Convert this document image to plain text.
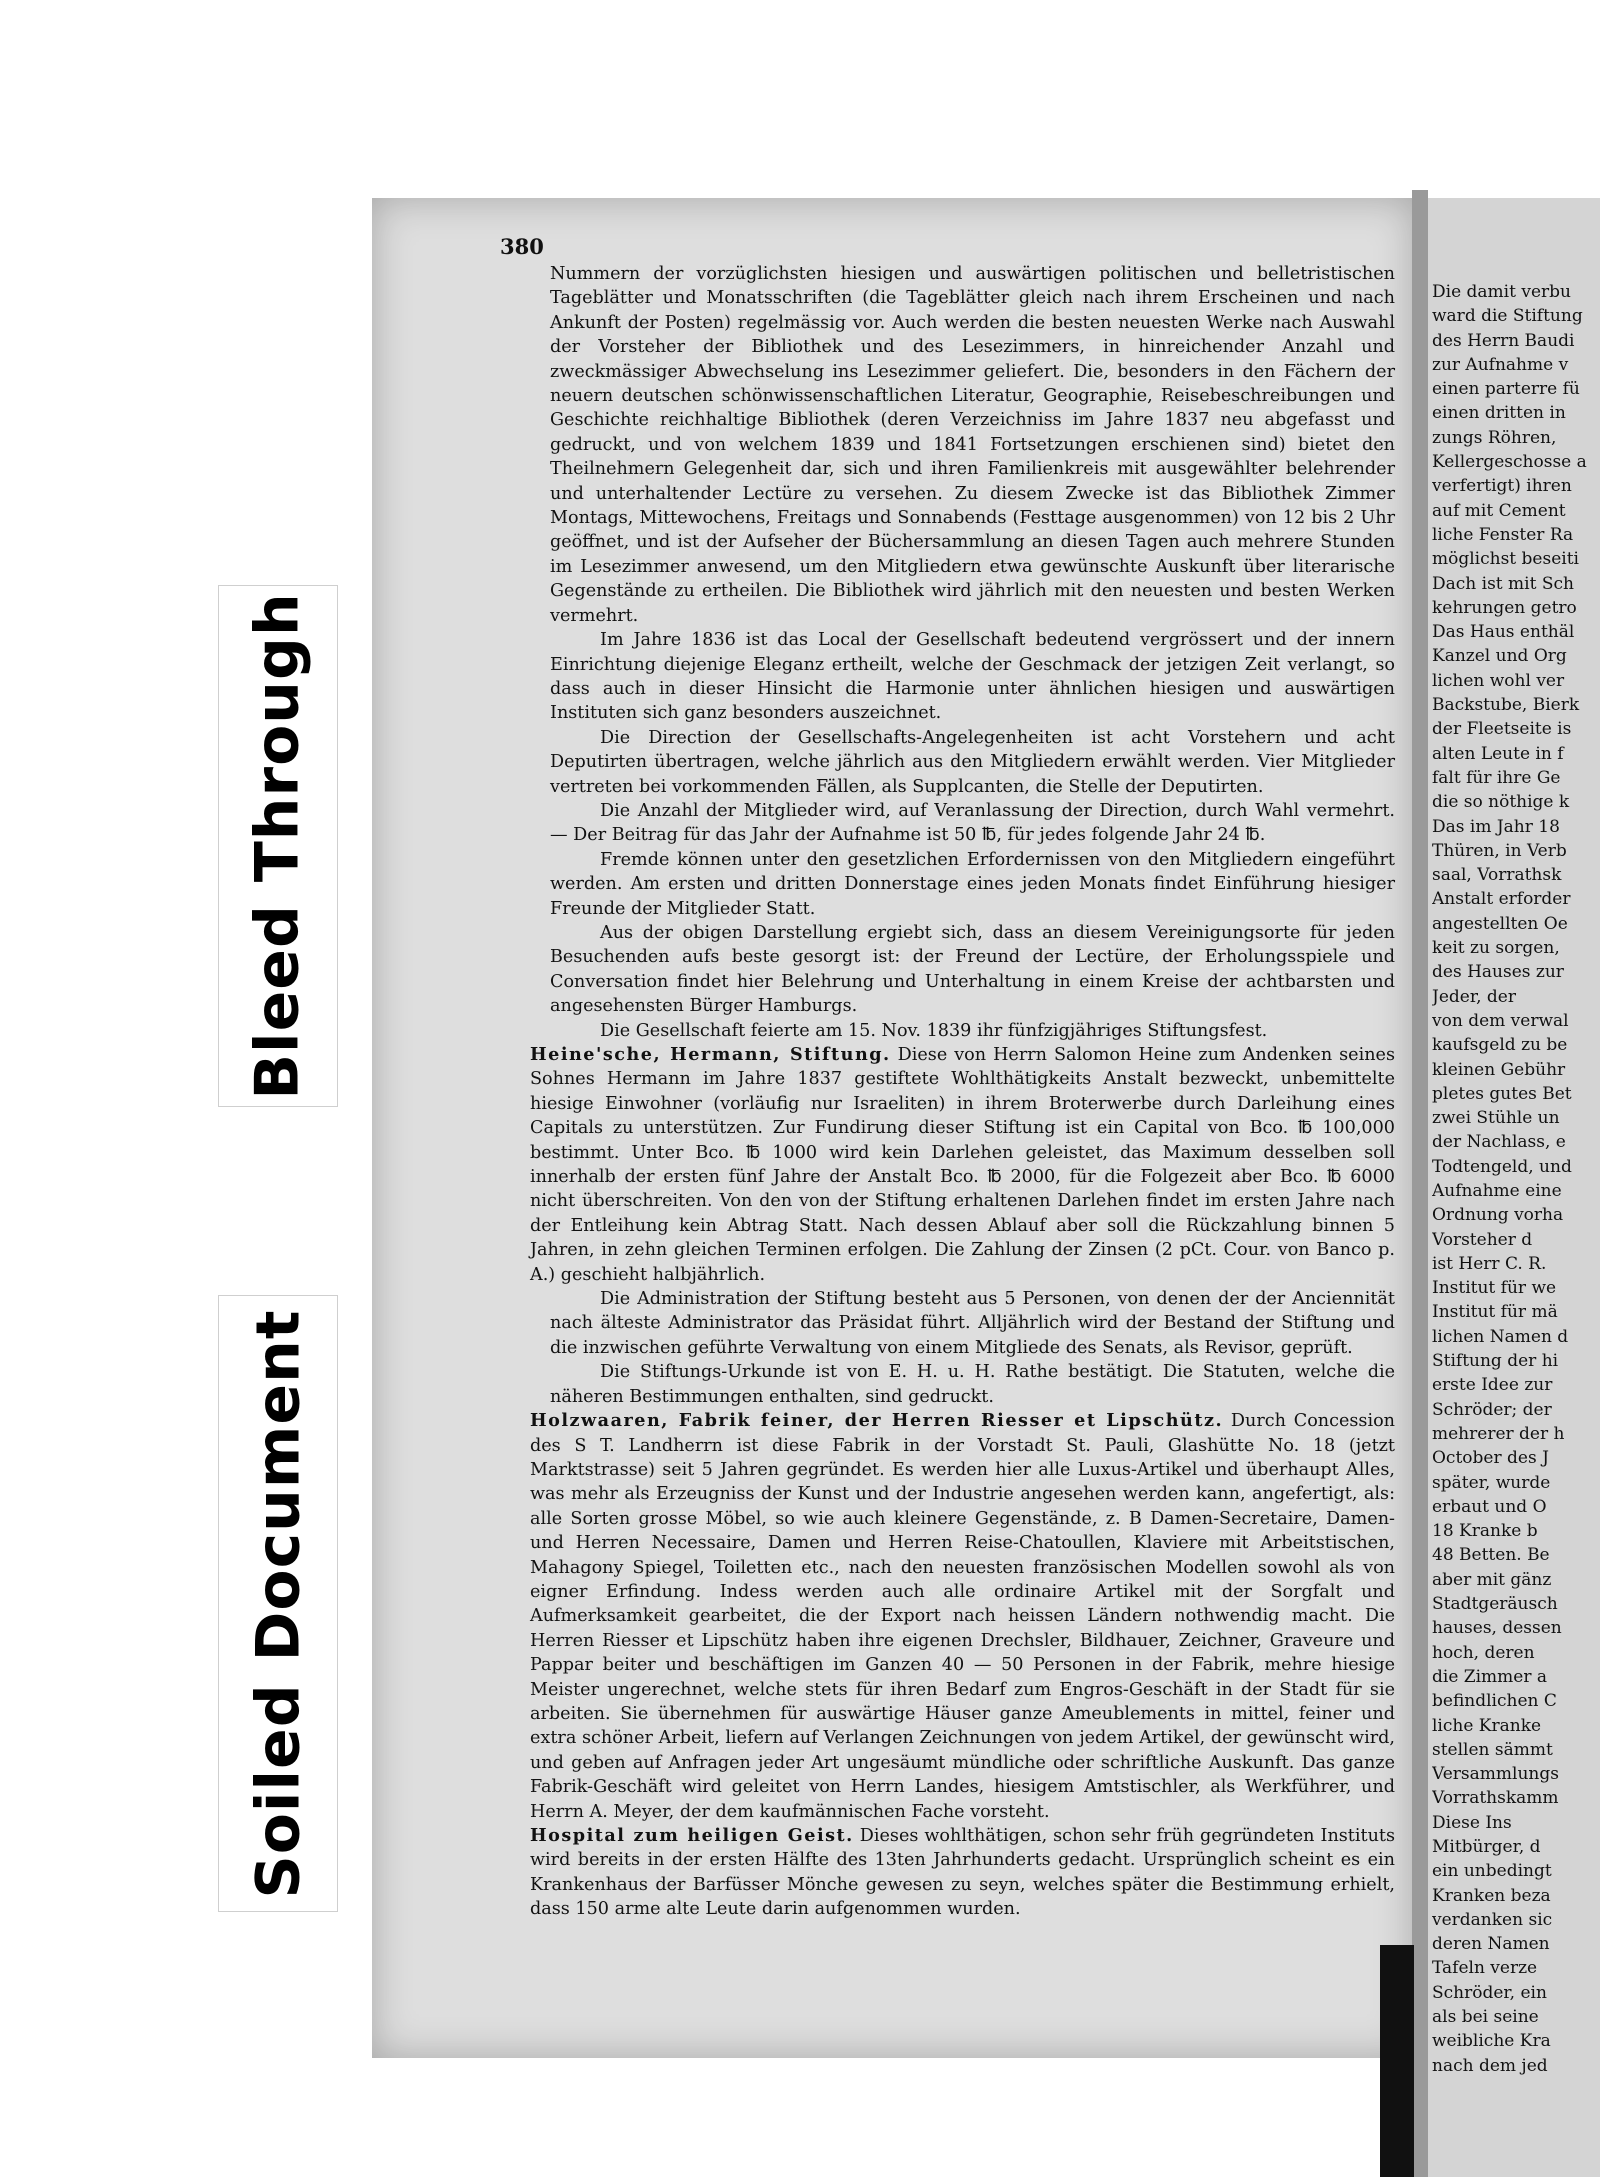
Bleed Through
Soiled Document
380

Nummern der vorzüglichsten hiesigen und auswärtigen politischen und belletristischen Tageblätter und Monatsschriften (die Tageblätter gleich nach ihrem Erscheinen und nach Ankunft der Posten) regelmässig vor. Auch werden die besten neuesten Werke nach Auswahl der Vorsteher der Bibliothek und des Lesezimmers, in hinreichender Anzahl und zweckmässiger Abwechselung ins Lesezimmer geliefert. Die, besonders in den Fächern der neuern deutschen schönwissenschaftlichen Literatur, Geographie, Reisebeschreibungen und Geschichte reichhaltige Bibliothek (deren Verzeichniss im Jahre 1837 neu abgefasst und gedruckt, und von welchem 1839 und 1841 Fortsetzungen erschienen sind) bietet den Theilnehmern Gelegenheit dar, sich und ihren Familienkreis mit ausgewählter belehrender und unterhaltender Lectüre zu versehen. Zu diesem Zwecke ist das Bibliothek Zimmer Montags, Mittewochens, Freitags und Sonnabends (Festtage ausgenommen) von 12 bis 2 Uhr geöffnet, und ist der Aufseher der Büchersammlung an diesen Tagen auch mehrere Stunden im Lesezimmer anwesend, um den Mitgliedern etwa gewünschte Auskunft über literarische Gegenstände zu ertheilen. Die Bibliothek wird jährlich mit den neuesten und besten Werken vermehrt.

Im Jahre 1836 ist das Local der Gesellschaft bedeutend vergrössert und der innern Einrichtung diejenige Eleganz ertheilt, welche der Geschmack der jetzigen Zeit verlangt, so dass auch in dieser Hinsicht die Harmonie unter ähnlichen hiesigen und auswärtigen Instituten sich ganz besonders auszeichnet.

Die Direction der Gesellschafts-Angelegenheiten ist acht Vorstehern und acht Deputirten übertragen, welche jährlich aus den Mitgliedern erwählt werden. Vier Mitglieder vertreten bei vorkommenden Fällen, als Supplcanten, die Stelle der Deputirten.

Die Anzahl der Mitglieder wird, auf Veranlassung der Direction, durch Wahl vermehrt. — Der Beitrag für das Jahr der Aufnahme ist 50 ℔, für jedes folgende Jahr 24 ℔.

Fremde können unter den gesetzlichen Erfordernissen von den Mitgliedern eingeführt werden. Am ersten und dritten Donnerstage eines jeden Monats findet Einführung hiesiger Freunde der Mitglieder Statt.

Aus der obigen Darstellung ergiebt sich, dass an diesem Vereinigungsorte für jeden Besuchenden aufs beste gesorgt ist: der Freund der Lectüre, der Erholungsspiele und Conversation findet hier Belehrung und Unterhaltung in einem Kreise der achtbarsten und angesehensten Bürger Hamburgs.

Die Gesellschaft feierte am 15. Nov. 1839 ihr fünfzigjähriges Stiftungsfest.

Heine'sche, Hermann, Stiftung. Diese von Herrn Salomon Heine zum Andenken seines Sohnes Hermann im Jahre 1837 gestiftete Wohlthätigkeits Anstalt bezweckt, unbemittelte hiesige Einwohner (vorläufig nur Israeliten) in ihrem Broterwerbe durch Darleihung eines Capitals zu unterstützen. Zur Fundirung dieser Stiftung ist ein Capital von Bco. ℔ 100,000 bestimmt. Unter Bco. ℔ 1000 wird kein Darlehen geleistet, das Maximum desselben soll innerhalb der ersten fünf Jahre der Anstalt Bco. ℔ 2000, für die Folgezeit aber Bco. ℔ 6000 nicht überschreiten. Von den von der Stiftung erhaltenen Darlehen findet im ersten Jahre nach der Entleihung kein Abtrag Statt. Nach dessen Ablauf aber soll die Rückzahlung binnen 5 Jahren, in zehn gleichen Terminen erfolgen. Die Zahlung der Zinsen (2 pCt. Cour. von Banco p. A.) geschieht halbjährlich.

Die Administration der Stiftung besteht aus 5 Personen, von denen der der Anciennität nach älteste Administrator das Präsidat führt. Alljährlich wird der Bestand der Stiftung und die inzwischen geführte Verwaltung von einem Mitgliede des Senats, als Revisor, geprüft.

Die Stiftungs-Urkunde ist von E. H. u. H. Rathe bestätigt. Die Statuten, welche die näheren Bestimmungen enthalten, sind gedruckt.

Holzwaaren, Fabrik feiner, der Herren Riesser et Lipschütz. Durch Concession des S T. Landherrn ist diese Fabrik in der Vorstadt St. Pauli, Glashütte No. 18 (jetzt Marktstrasse) seit 5 Jahren gegründet. Es werden hier alle Luxus-Artikel und überhaupt Alles, was mehr als Erzeugniss der Kunst und der Industrie angesehen werden kann, angefertigt, als: alle Sorten grosse Möbel, so wie auch kleinere Gegenstände, z. B Damen-Secretaire, Damen- und Herren Necessaire, Damen und Herren Reise-Chatoullen, Klaviere mit Arbeitstischen, Mahagony Spiegel, Toiletten etc., nach den neuesten französischen Modellen sowohl als von eigner Erfindung. Indess werden auch alle ordinaire Artikel mit der Sorgfalt und Aufmerksamkeit gearbeitet, die der Export nach heissen Ländern nothwendig macht. Die Herren Riesser et Lipschütz haben ihre eigenen Drechsler, Bildhauer, Zeichner, Graveure und Pappar beiter und beschäftigen im Ganzen 40 — 50 Personen in der Fabrik, mehre hiesige Meister ungerechnet, welche stets für ihren Bedarf zum Engros-Geschäft in der Stadt für sie arbeiten. Sie übernehmen für auswärtige Häuser ganze Ameublements in mittel, feiner und extra schöner Arbeit, liefern auf Verlangen Zeichnungen von jedem Artikel, der gewünscht wird, und geben auf Anfragen jeder Art ungesäumt mündliche oder schriftliche Auskunft. Das ganze Fabrik-Geschäft wird geleitet von Herrn Landes, hiesigem Amtstischler, als Werkführer, und Herrn A. Meyer, der dem kaufmännischen Fache vorsteht.

Hospital zum heiligen Geist. Dieses wohlthätigen, schon sehr früh gegründeten Instituts wird bereits in der ersten Hälfte des 13ten Jahrhunderts gedacht. Ursprünglich scheint es ein Krankenhaus der Barfüsser Mönche gewesen zu seyn, welches später die Bestimmung erhielt, dass 150 arme alte Leute darin aufgenommen wurden.

Die damit verbu
ward die Stiftung
des Herrn Baudi
zur Aufnahme v
einen parterre fü
einen dritten in
zungs Röhren,
Kellergeschosse a
verfertigt) ihren
auf mit Cement
liche Fenster Ra
möglichst beseiti
Dach ist mit Sch
kehrungen getro
Das Haus enthäl
Kanzel und Org
lichen wohl ver
Backstube, Bierk
der Fleetseite is
alten Leute in f
falt für ihre Ge
die so nöthige k
Das im Jahr 18
Thüren, in Verb
saal, Vorrathsk
Anstalt erforder
angestellten Oe
keit zu sorgen,
des Hauses zur
Jeder, der
von dem verwal
kaufsgeld zu be
kleinen Gebühr
pletes gutes Bet
zwei Stühle un
der Nachlass, e
Todtengeld, und
Aufnahme eine
Ordnung vorha
Vorsteher d
ist Herr C. R.
Institut für we
Institut für mä
lichen Namen d
Stiftung der hi
erste Idee zur
Schröder; der
mehrerer der h
October des J
später, wurde
erbaut und O
18 Kranke b
48 Betten. Be
aber mit gänz
Stadtgeräusch
hauses, dessen
hoch, deren
die Zimmer a
befindlichen C
liche Kranke
stellen sämmt
Versammlungs
Vorrathskamm
Diese Ins
Mitbürger, d
ein unbedingt
Kranken beza
verdanken sic
deren Namen
Tafeln verze
Schröder, ein
als bei seine
weibliche Kra
nach dem jed
